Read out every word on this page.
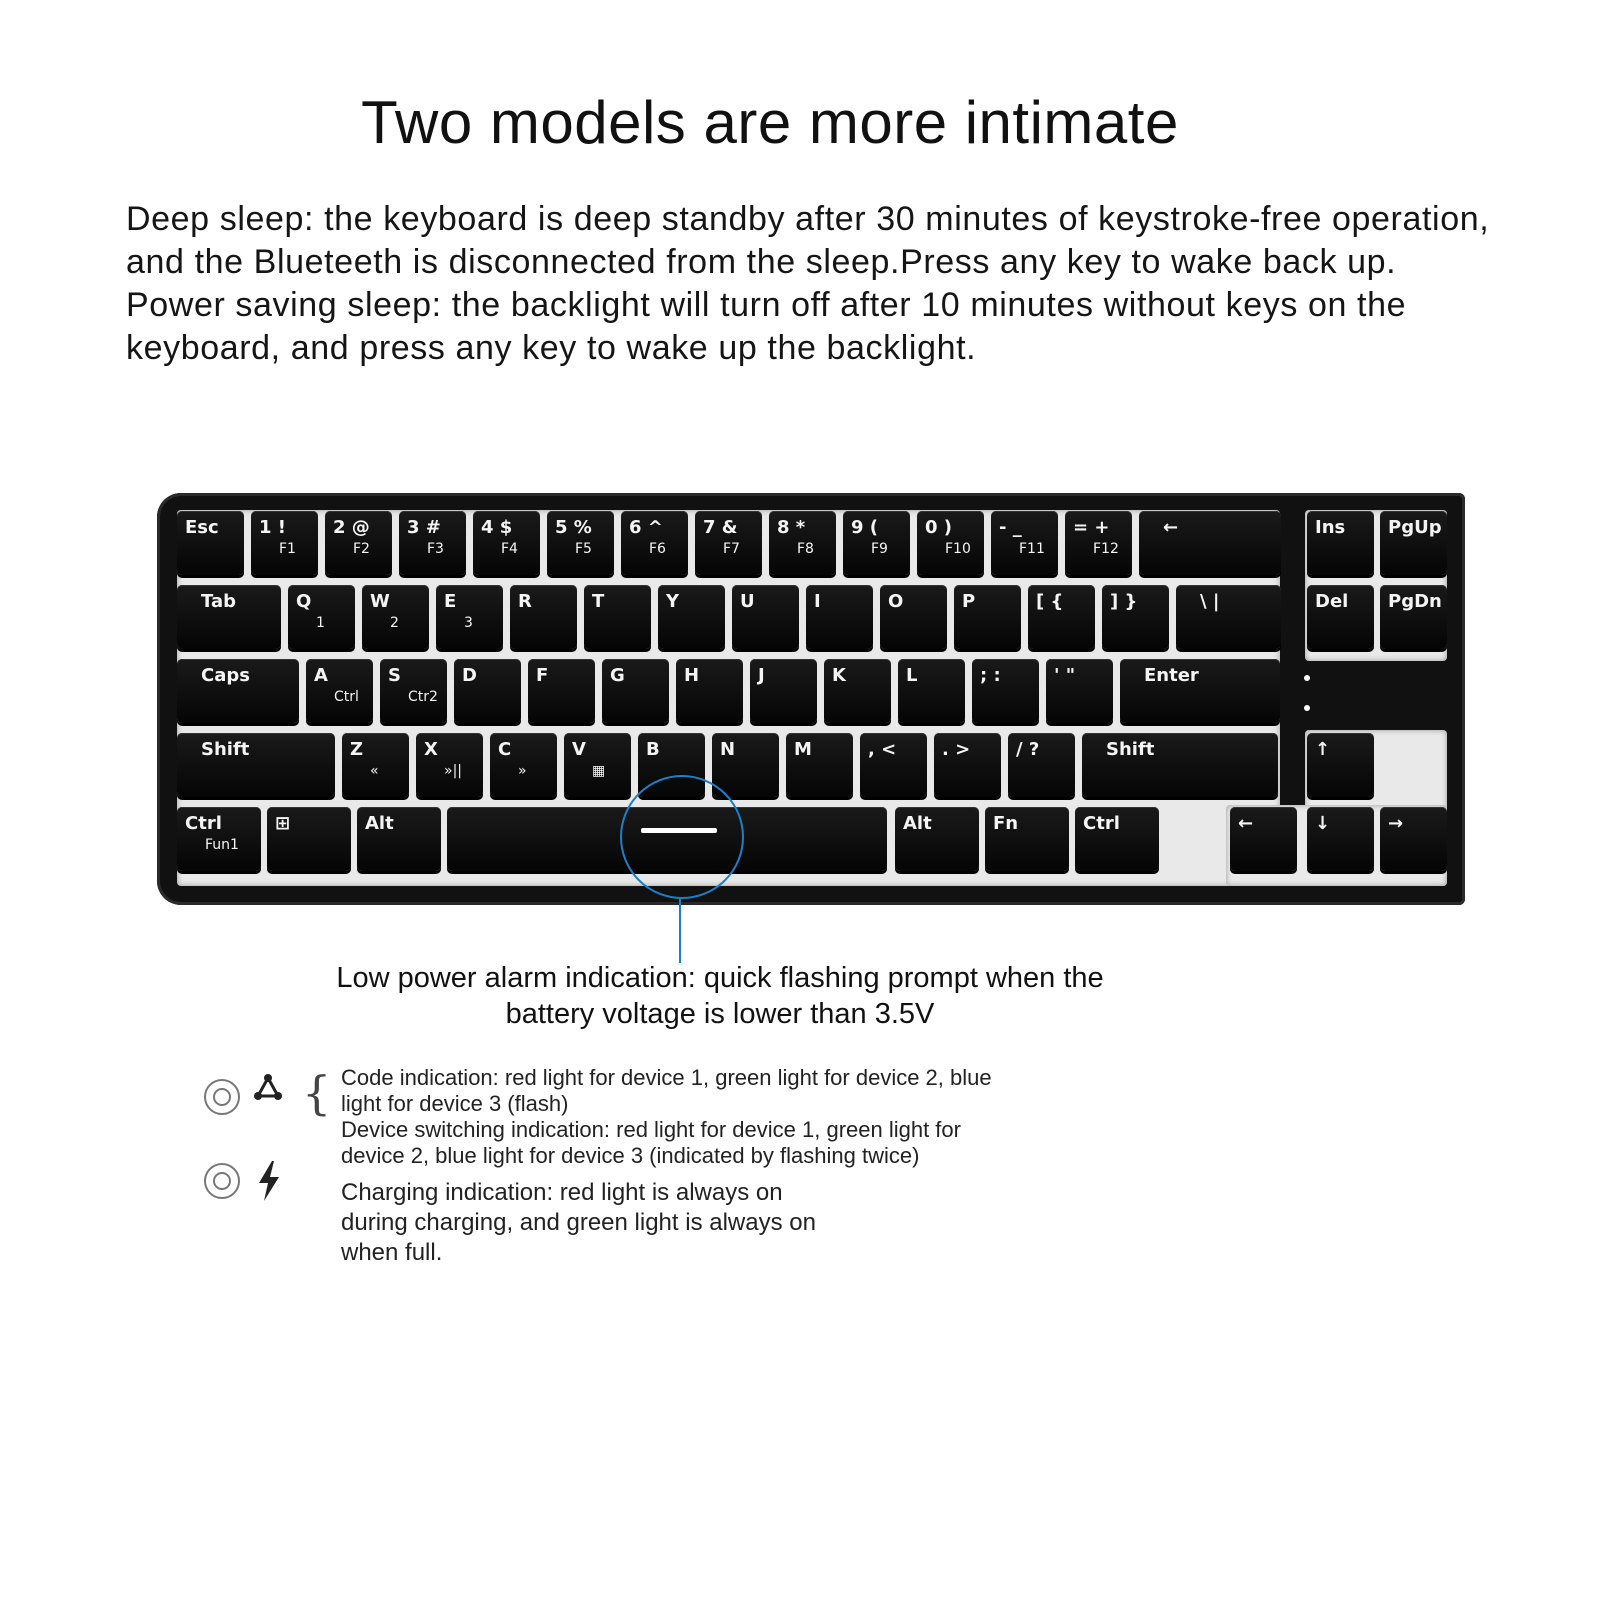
Two models are more intimate

Deep sleep: the keyboard is deep standby after 30 minutes of keystroke-free operation, and the Blueteeth is disconnected from the sleep.Press any key to wake back up.

Power saving sleep: the backlight will turn off after 10 minutes without keys on the keyboard, and press any key to wake up the backlight.

Esc 1 !
F1
2 @
F2
3 #
F3
4 $
F4
5 %
F5
6 ^
F6
7 &
F7
8 *
F8
9 (
F9
0 )
F10
- _
F11
= +
F12
←	Ins PgUp
Tab	Q
1
W
2
E
3
R	T	Y	U	I	O	P	[ {	] }	\ |	Del PgDn
Caps	A
Ctrl
S
Ctr2
D	F	G	H	J	K	L	; :	' "	Enter
Shift	Z
«
X
»||
C
»
V
▦
B	N	M	, <	. >	/ ?	Shift
Ctrl
Fun1
⊞	Alt	Alt	Fn	Ctrl
↑
←	↓	→
Low power alarm indication: quick flashing prompt when the battery voltage is lower than 3.5V
{ Code indication: red light for device 1, green light for device 2, blue light for device 3 (flash)
Device switching indication: red light for device 1, green light for device 2, blue light for device 3 (indicated by flashing twice)
Charging indication: red light is always on during charging, and green light is always on when full.
